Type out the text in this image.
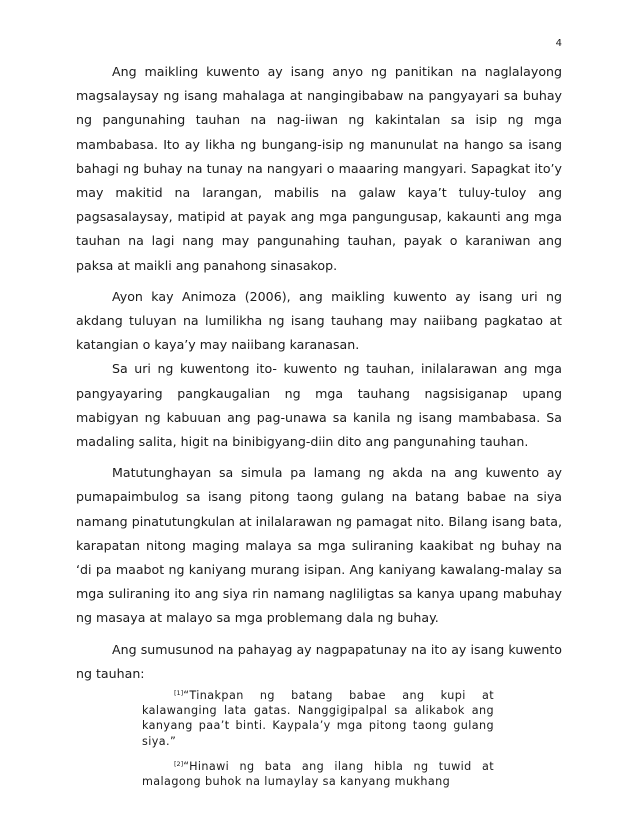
4

Ang maikling kuwento ay isang anyo ng panitikan na naglalayong magsalaysay ng isang mahalaga at nangingibabaw na pangyayari sa buhay ng pangunahing tauhan na nag-iiwan ng kakintalan sa isip ng mga mambabasa. Ito ay likha ng bungang-isip ng manunulat na hango sa isang bahagi ng buhay na tunay na nangyari o maaaring mangyari. Sapagkat ito’y may makitid na larangan, mabilis na galaw kaya’t tuluy-tuloy ang pagsasalaysay, matipid at payak ang mga pangungusap, kakaunti ang mga tauhan na lagi nang may pangunahing tauhan, payak o karaniwan ang paksa at maikli ang panahong sinasakop.

Ayon kay Animoza (2006), ang maikling kuwento ay isang uri ng akdang tuluyan na lumilikha ng isang tauhang may naiibang pagkatao at katangian o kaya’y may naiibang karanasan.

Sa uri ng kuwentong ito- kuwento ng tauhan, inilalarawan ang mga pangyayaring pangkaugalian ng mga tauhang nagsisiganap upang mabigyan ng kabuuan ang pag-unawa sa kanila ng isang mambabasa. Sa madaling salita, higit na binibigyang-diin dito ang pangunahing tauhan.

Matutunghayan sa simula pa lamang ng akda na ang kuwento ay pumapaimbulog sa isang pitong taong gulang na batang babae na siya namang pinatutungkulan at inilalarawan ng pamagat nito. Bilang isang bata, karapatan nitong maging malaya sa mga suliraning kaakibat ng buhay na ‘di pa maabot ng kaniyang murang isipan. Ang kaniyang kawalang-malay sa mga suliraning ito ang siya rin namang nagliligtas sa kanya upang mabuhay ng masaya at malayo sa mga problemang dala ng buhay.

Ang sumusunod na pahayag ay nagpapatunay na ito ay isang kuwento ng tauhan:

[1]“Tinakpan ng batang babae ang kupi at kalawanging lata gatas. Nanggigipalpal sa alikabok ang kanyang paa’t binti. Kaypala’y mga pitong taong gulang siya.”

[2]“Hinawi ng bata ang ilang hibla ng tuwid at malagong buhok na lumaylay sa kanyang mukhang
